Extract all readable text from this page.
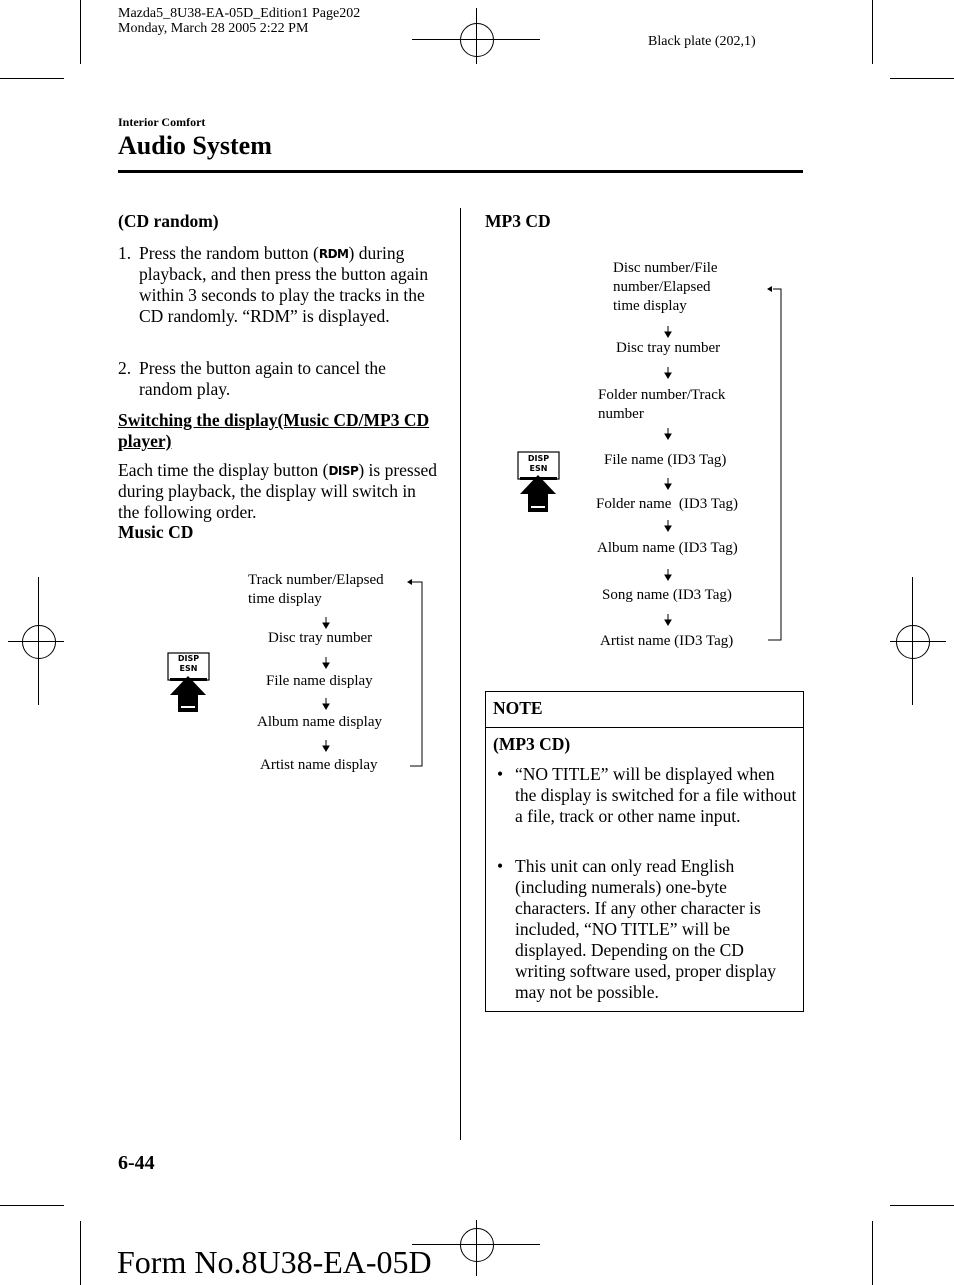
Mazda5_8U38-EA-05D_Edition1 Page202
Monday, March 28 2005 2:22 PM
Black plate (202,1)
Interior Comfort
Audio System
(CD random)
1. Press the random button (RDM) during playback, and then press the button again within 3 seconds to play the tracks in the CD randomly. “RDM” is displayed.
2. Press the button again to cancel the random play.
Switching the display(Music CD/MP3 CD player)
Each time the display button (DISP) is pressed during playback, the display will switch in the following order.
Music CD
Track number/Elapsed
time display
Disc tray number
File name display
Album name display
Artist name display
DISP
ESN
DISP
ESN
MP3 CD
Disc number/File
number/Elapsed
time display
Disc tray number
Folder number/Track
number
File name (ID3 Tag)
Folder name  (ID3 Tag)
Album name (ID3 Tag)
Song name (ID3 Tag)
Artist name (ID3 Tag)
NOTE
(MP3 CD)
• “NO TITLE” will be displayed when the display is switched for a file without a file, track or other name input.
• This unit can only read English (including numerals) one-byte characters. If any other character is included, “NO TITLE” will be displayed. Depending on the CD writing software used, proper display may not be possible.
6-44
Form No.8U38-EA-05D
